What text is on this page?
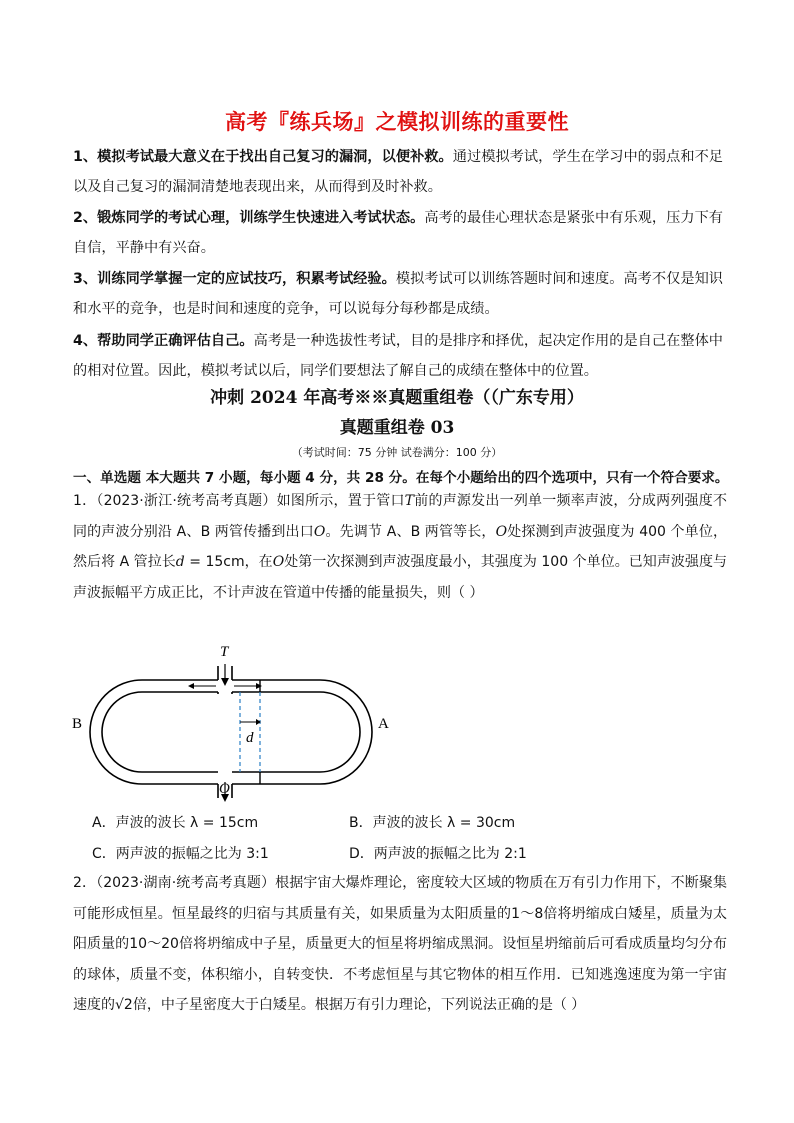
高考『练兵场』之模拟训练的重要性
1、模拟考试最大意义在于找出自己复习的漏洞，以便补救。通过模拟考试，学生在学习中的弱点和不足以及自己复习的漏洞清楚地表现出来，从而得到及时补救。
2、锻炼同学的考试心理，训练学生快速进入考试状态。高考的最佳心理状态是紧张中有乐观，压力下有自信，平静中有兴奋。
3、训练同学掌握一定的应试技巧，积累考试经验。模拟考试可以训练答题时间和速度。高考不仅是知识和水平的竞争，也是时间和速度的竞争，可以说每分每秒都是成绩。
4、帮助同学正确评估自己。高考是一种选拔性考试，目的是排序和择优，起决定作用的是自己在整体中的相对位置。因此，模拟考试以后，同学们要想法了解自己的成绩在整体中的位置。
冲刺 2024 年高考※※真题重组卷（（广东专用）
真题重组卷 03
（考试时间：75 分钟 试卷满分：100 分）
一、单选题 本大题共 7 小题，每小题 4 分，共 28 分。在每个小题给出的四个选项中，只有一个符合要求。
1．（2023·浙江·统考高考真题）如图所示，置于管口T前的声源发出一列单一频率声波，分成两列强度不同的声波分别沿 A、B 两管传播到出口O。先调节 A、B 两管等长，O处探测到声波强度为 400 个单位，然后将 A 管拉长d = 15cm，在O处第一次探测到声波强度最小，其强度为 100 个单位。已知声波强度与声波振幅平方成正比，不计声波在管道中传播的能量损失，则（ ）
T
d
B	A
O
A．声波的波长 λ = 15cm	B．声波的波长 λ = 30cm
C．两声波的振幅之比为 3:1	D．两声波的振幅之比为 2:1
2．（2023·湖南·统考高考真题）根据宇宙大爆炸理论，密度较大区域的物质在万有引力作用下，不断聚集可能形成恒星。恒星最终的归宿与其质量有关，如果质量为太阳质量的1～8倍将坍缩成白矮星，质量为太阳质量的10～20倍将坍缩成中子星，质量更大的恒星将坍缩成黑洞。设恒星坍缩前后可看成质量均匀分布的球体，质量不变，体积缩小，自转变快．不考虑恒星与其它物体的相互作用．已知逃逸速度为第一宇宙速度的√2倍，中子星密度大于白矮星。根据万有引力理论，下列说法正确的是（ ）
